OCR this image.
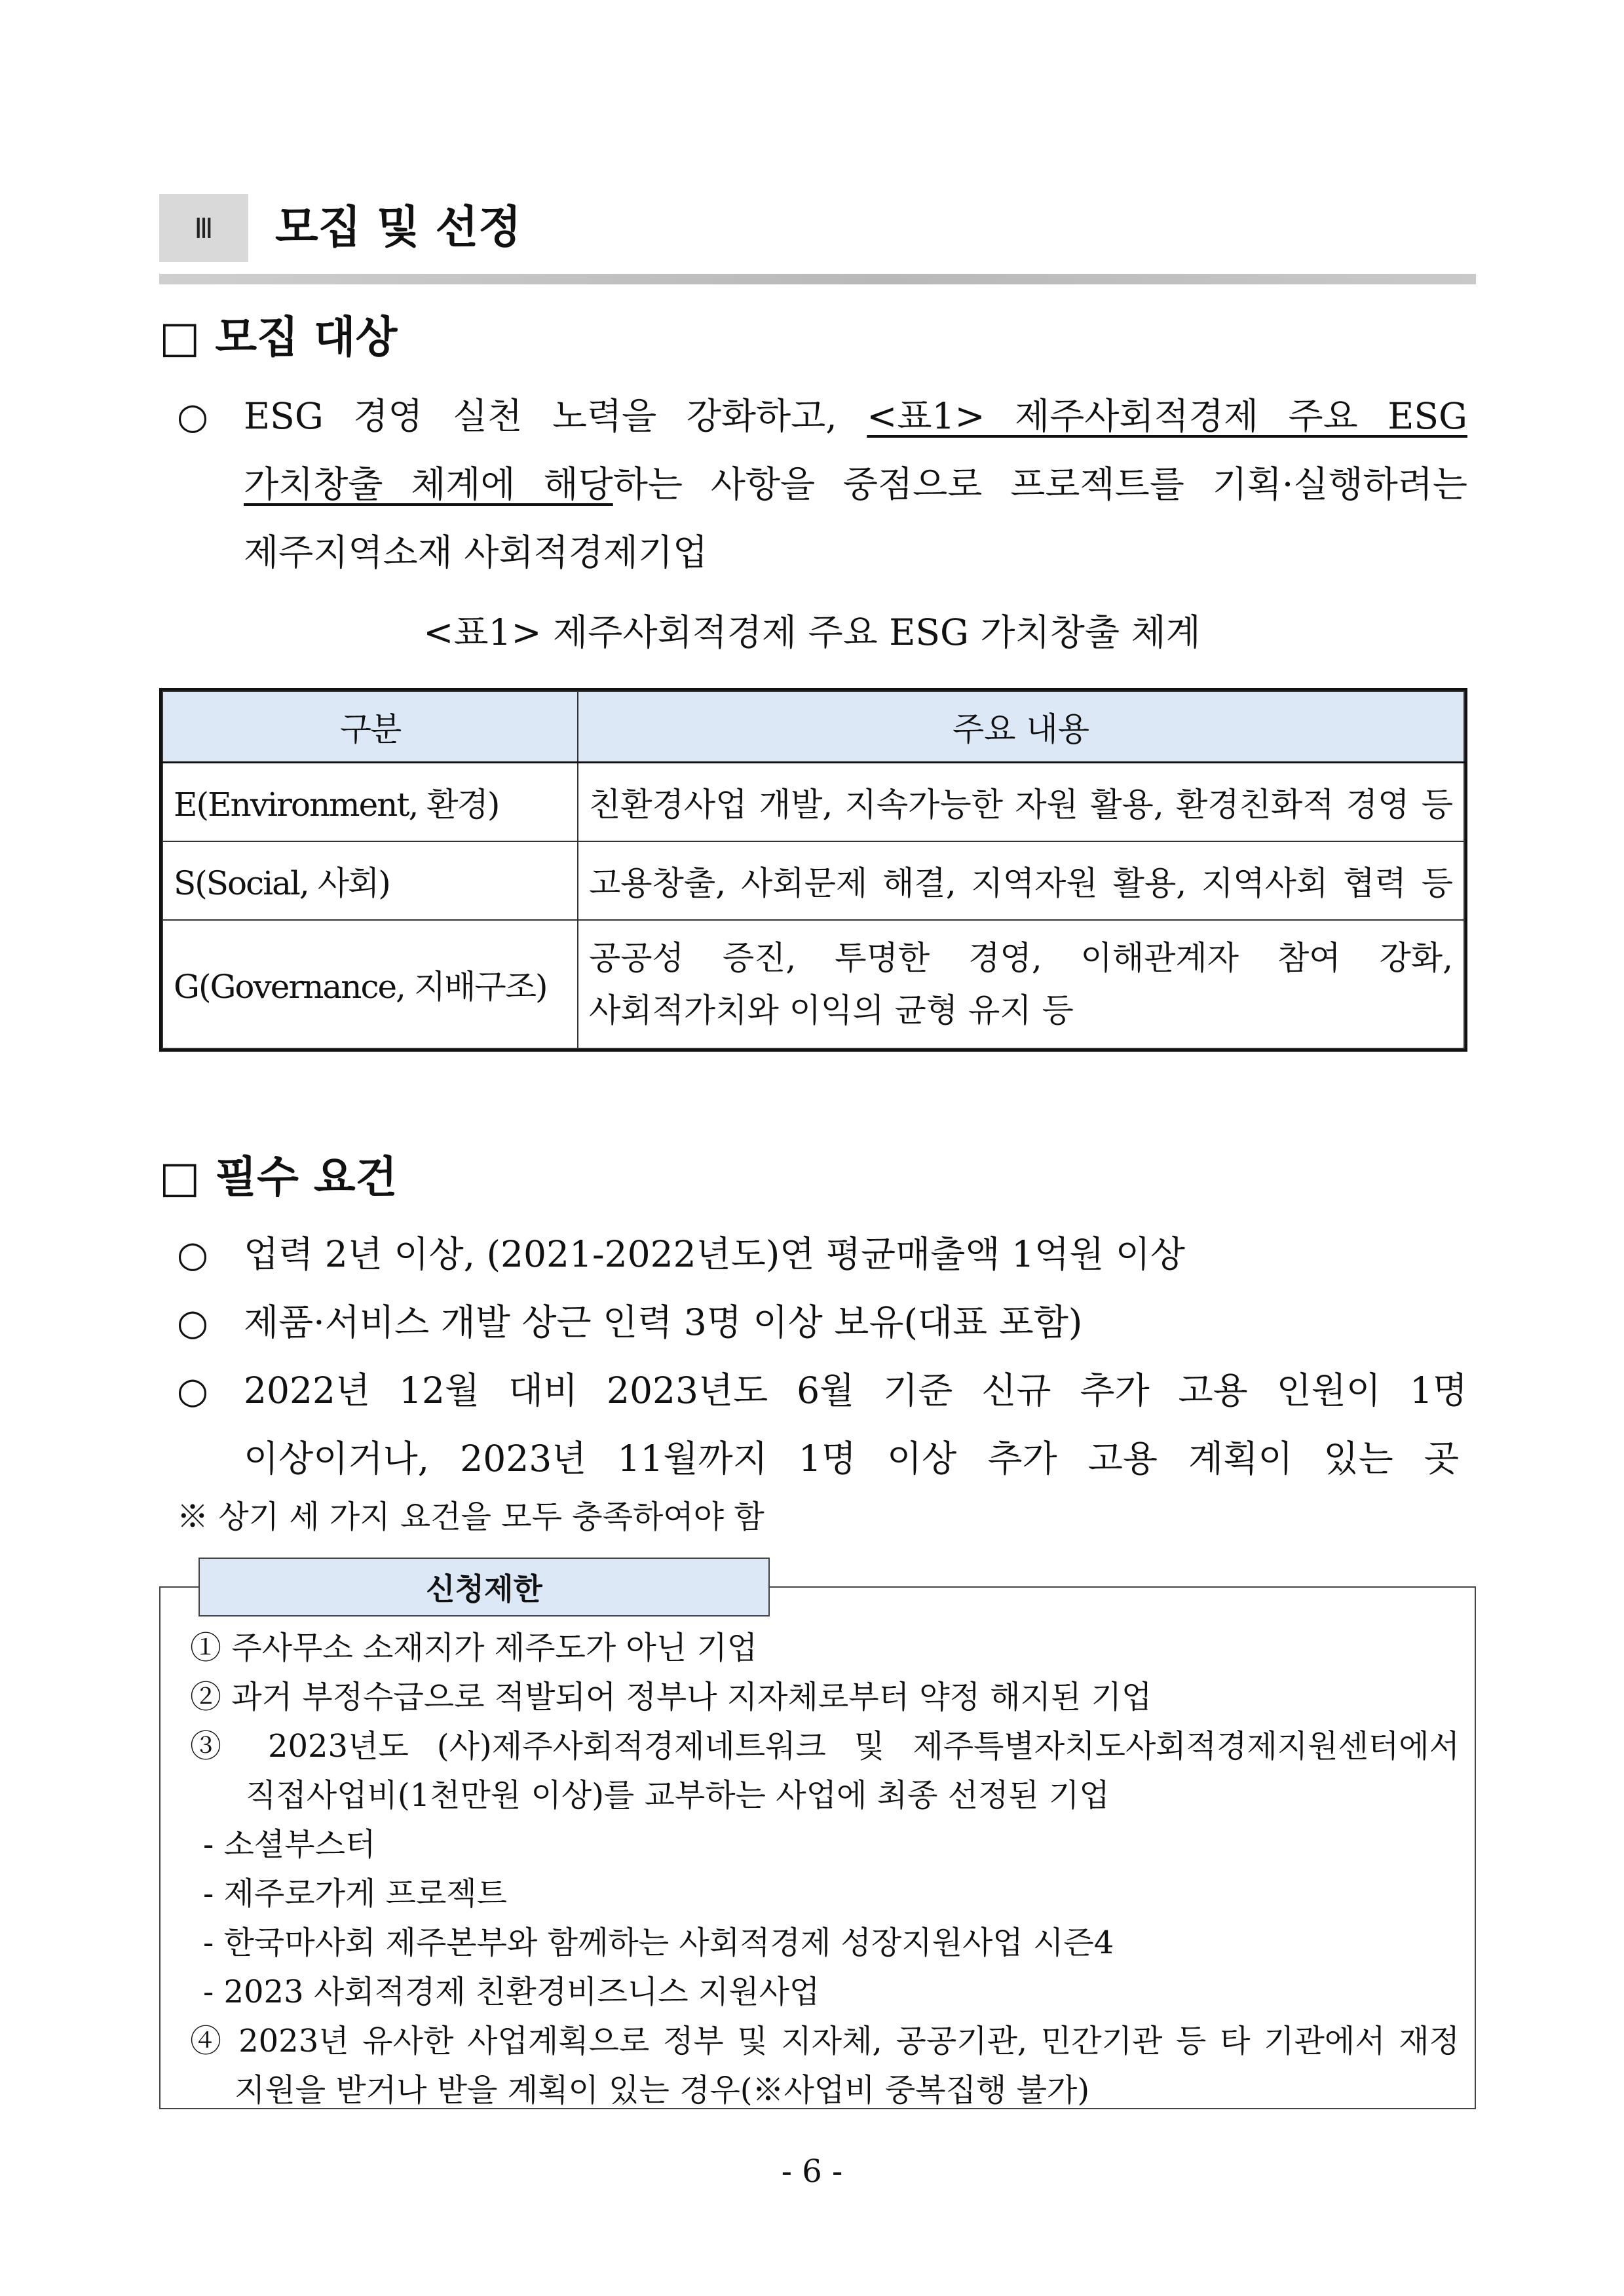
Ⅲ	모집 및 선정
□ 모집 대상
○ ESG 경영 실천 노력을 강화하고, <표1> 제주사회적경제 주요 ESG
가치창출 체계에 해당하는 사항을 중점으로 프로젝트를 기획·실행하려는
제주지역소재 사회적경제기업
<표1> 제주사회적경제 주요 ESG 가치창출 체계
구분	주요 내용
E(Environment, 환경)	친환경사업 개발, 지속가능한 자원 활용, 환경친화적 경영 등
S(Social, 사회)	고용창출, 사회문제 해결, 지역자원 활용, 지역사회 협력 등
G(Governance, 지배구조)	공공성 증진, 투명한 경영, 이해관계자 참여 강화,
사회적가치와 이익의 균형 유지 등
□ 필수 요건
○ 업력 2년 이상, (2021-2022년도)연 평균매출액 1억원 이상
○ 제품·서비스 개발 상근 인력 3명 이상 보유(대표 포함)
○ 2022년 12월 대비 2023년도 6월 기준 신규 추가 고용 인원이 1명
이상이거나, 2023년 11월까지 1명 이상 추가 고용 계획이 있는 곳
※ 상기 세 가지 요건을 모두 충족하여야 함
신청제한
① 주사무소 소재지가 제주도가 아닌 기업
② 과거 부정수급으로 적발되어 정부나 지자체로부터 약정 해지된 기업
③ 2023년도 (사)제주사회적경제네트워크 및 제주특별자치도사회적경제지원센터에서
직접사업비(1천만원 이상)를 교부하는 사업에 최종 선정된 기업
- 소셜부스터
- 제주로가게 프로젝트
- 한국마사회 제주본부와 함께하는 사회적경제 성장지원사업 시즌4
- 2023 사회적경제 친환경비즈니스 지원사업
④ 2023년 유사한 사업계획으로 정부 및 지자체, 공공기관, 민간기관 등 타 기관에서 재정
지원을 받거나 받을 계획이 있는 경우(※사업비 중복집행 불가)
- 6 -
